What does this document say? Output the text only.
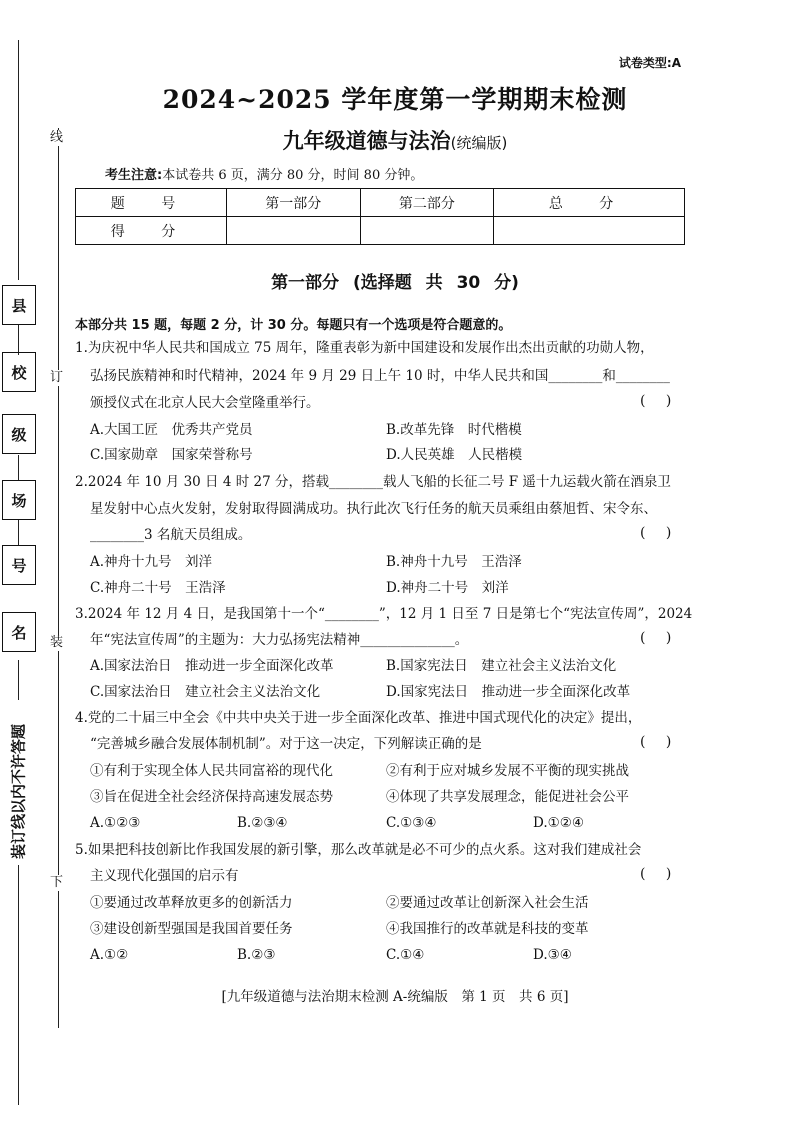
线
订
装
下
县
校
级
场
号
名
装订线以内不许答题
试卷类型:A
2024~2025 学年度第一学期期末检测
九年级道德与法治(统编版)
考生注意:本试卷共 6 页，满分 80 分，时间 80 分钟。
题 号	第一部分	第二部分	总 分
得 分			
第一部分 (选择题 共 30 分)
本部分共 15 题，每题 2 分，计 30 分。每题只有一个选项是符合题意的。
1.为庆祝中华人民共和国成立 75 周年，隆重表彰为新中国建设和发展作出杰出贡献的功勋人物，
弘扬民族精神和时代精神，2024 年 9 月 29 日上午 10 时，中华人民共和国________和________
颁授仪式在北京人民大会堂隆重举行。	( )
A.大国工匠　优秀共产党员	B.改革先锋　时代楷模
C.国家勋章　国家荣誉称号	D.人民英雄　人民楷模
2.2024 年 10 月 30 日 4 时 27 分，搭载________载人飞船的长征二号 F 遥十九运载火箭在酒泉卫
星发射中心点火发射，发射取得圆满成功。执行此次飞行任务的航天员乘组由蔡旭哲、宋令东、
________3 名航天员组成。	( )
A.神舟十九号　刘洋	B.神舟十九号　王浩泽
C.神舟二十号　王浩泽	D.神舟二十号　刘洋
3.2024 年 12 月 4 日，是我国第十一个“________”，12 月 1 日至 7 日是第七个“宪法宣传周”，2024
年“宪法宣传周”的主题为：大力弘扬宪法精神______________。	( )
A.国家法治日　推动进一步全面深化改革	B.国家宪法日　建立社会主义法治文化
C.国家法治日　建立社会主义法治文化	D.国家宪法日　推动进一步全面深化改革
4.党的二十届三中全会《中共中央关于进一步全面深化改革、推进中国式现代化的决定》提出，
“完善城乡融合发展体制机制”。对于这一决定，下列解读正确的是	( )
①有利于实现全体人民共同富裕的现代化	②有利于应对城乡发展不平衡的现实挑战
③旨在促进全社会经济保持高速发展态势	④体现了共享发展理念，能促进社会公平
A.①②③	B.②③④	C.①③④	D.①②④
5.如果把科技创新比作我国发展的新引擎，那么改革就是必不可少的点火系。这对我们建成社会
主义现代化强国的启示有	( )
①要通过改革释放更多的创新活力	②要通过改革让创新深入社会生活
③建设创新型强国是我国首要任务	④我国推行的改革就是科技的变革
A.①②	B.②③	C.①④	D.③④
[九年级道德与法治期末检测 A-统编版　第 1 页　共 6 页]
